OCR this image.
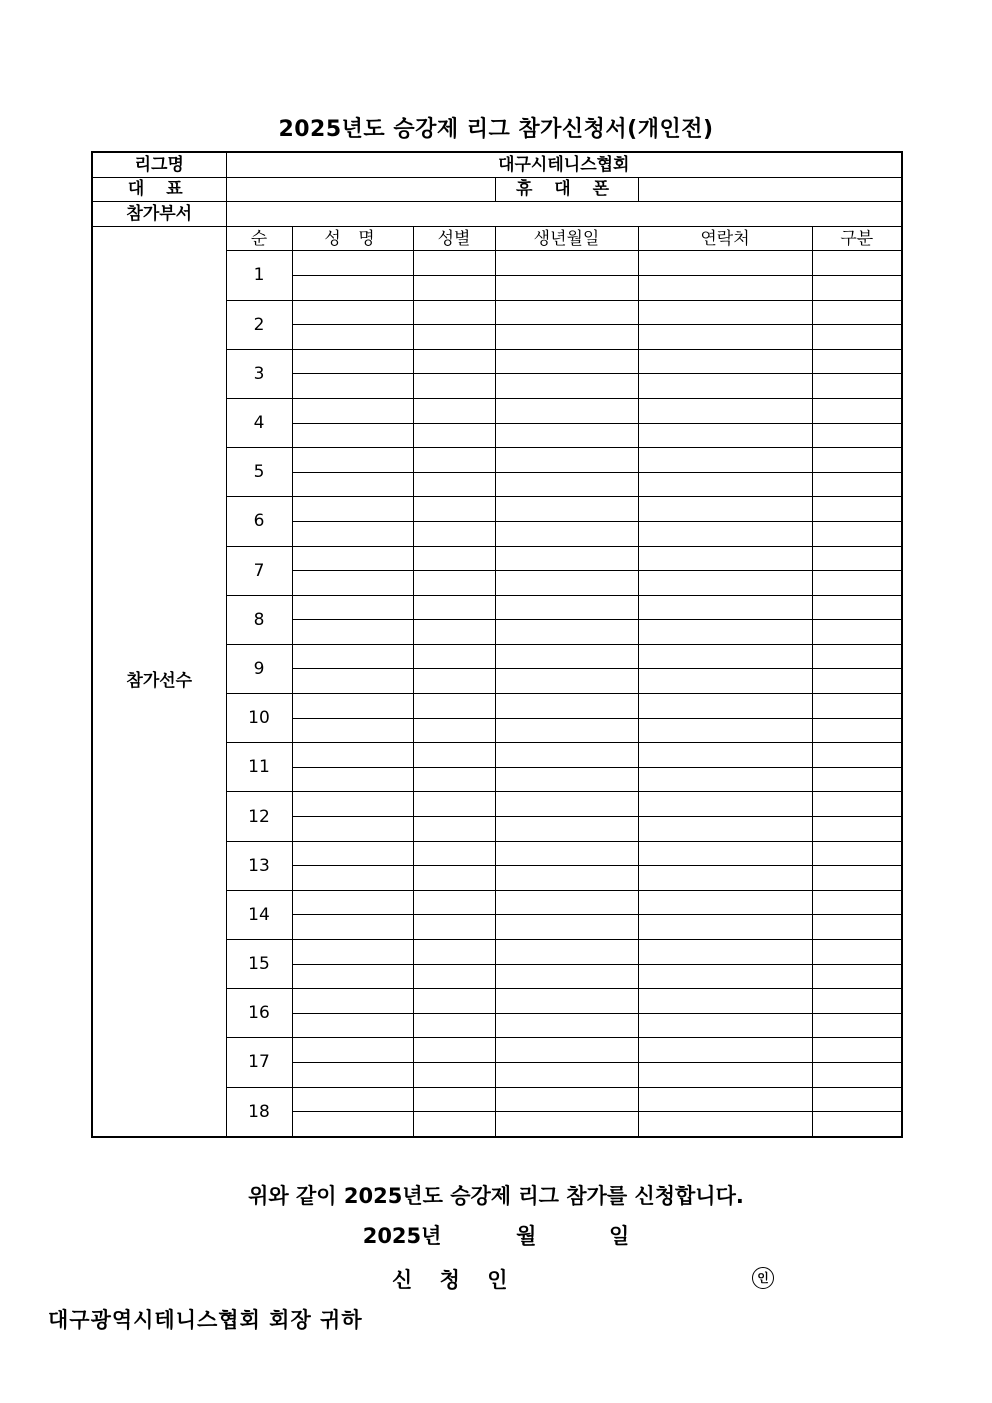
2025년도 승강제 리그 참가신청서(개인전)
리그명	대구시테니스협회					
대 표				휴 대 폰		
참가부서						
참가선수	순	성 명	성별	생년월일	연락처	구분
	1					

	2					

	3					

	4					

	5					

	6					

	7					

	8					

	9					

	10					

	11					

	12					

	13					

	14					

	15					

	16					

	17					

	18					

위와 같이 2025년도 승강제 리그 참가를 신청합니다.
2025년	월	일
신 청 인	인
대구광역시테니스협회 회장 귀하
